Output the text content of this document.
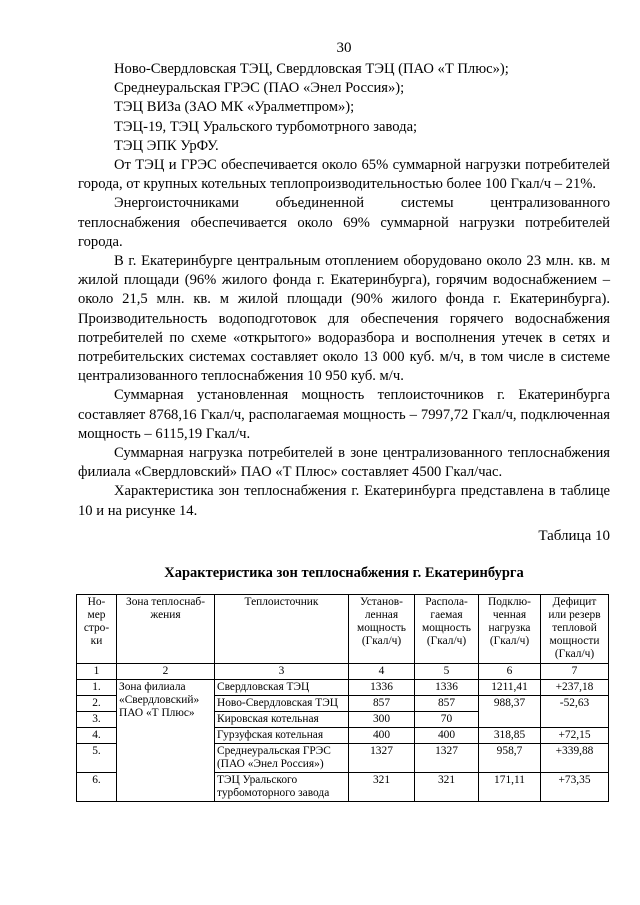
30

Ново-Свердловская ТЭЦ, Свердловская ТЭЦ (ПАО «Т Плюс»);

Среднеуральская ГРЭС (ПАО «Энел Россия»);

ТЭЦ ВИЗа (ЗАО МК «Уралметпром»);

ТЭЦ-19, ТЭЦ Уральского турбомотрного завода;

ТЭЦ ЭПК УрФУ.

От ТЭЦ и ГРЭС обеспечивается около 65% суммарной нагрузки потребителей города, от крупных котельных теплопроизводительностью более 100 Гкал/ч – 21%.

Энергоисточниками объединенной системы централизованного теплоснабжения обеспечивается около 69% суммарной нагрузки потребителей города.

В г. Екатеринбурге центральным отоплением оборудовано около 23 млн. кв. м жилой площади (96% жилого фонда г. Екатеринбурга), горячим водоснабжением – около 21,5 млн. кв. м жилой площади (90% жилого фонда г. Екатеринбурга). Производительность водоподготовок для обеспечения горячего водоснабжения потребителей по схеме «открытого» водоразбора и восполнения утечек в сетях и потребительских системах составляет около 13 000 куб. м/ч, в том числе в системе централизованного теплоснабжения 10 950 куб. м/ч.

Суммарная установленная мощность теплоисточников г. Екатеринбурга составляет 8768,16 Гкал/ч, располагаемая мощность – 7997,72 Гкал/ч, подключенная мощность – 6115,19 Гкал/ч.

Суммарная нагрузка потребителей в зоне централизованного теплоснабжения филиала «Свердловский» ПАО «Т Плюс» составляет 4500 Гкал/час.

Характеристика зон теплоснабжения г. Екатеринбурга представлена в таблице 10 и на рисунке 14.

Таблица 10
Характеристика зон теплоснабжения г. Екатеринбурга
Но-мер стро-ки	Зона теплоснаб-жения	Теплоисточник	Установ-ленная мощность (Гкал/ч)	Распола-гаемая мощность (Гкал/ч)	Подклю-ченная нагрузка (Гкал/ч)	Дефицит или резерв тепловой мощности (Гкал/ч)
1	2	3	4	5	6	7
1.	Зона филиала «Свердловский» ПАО «Т Плюс»	Свердловская ТЭЦ	1336	1336	1211,41	+237,18
2.		Ново-Свердловская ТЭЦ	857	857	988,37	-52,63
3.		Кировская котельная	300	70		
4.		Гурзуфская котельная	400	400	318,85	+72,15
5.		Среднеуральская ГРЭС (ПАО «Энел Россия»)	1327	1327	958,7	+339,88
6.		ТЭЦ Уральского турбомоторного завода	321	321	171,11	+73,35
